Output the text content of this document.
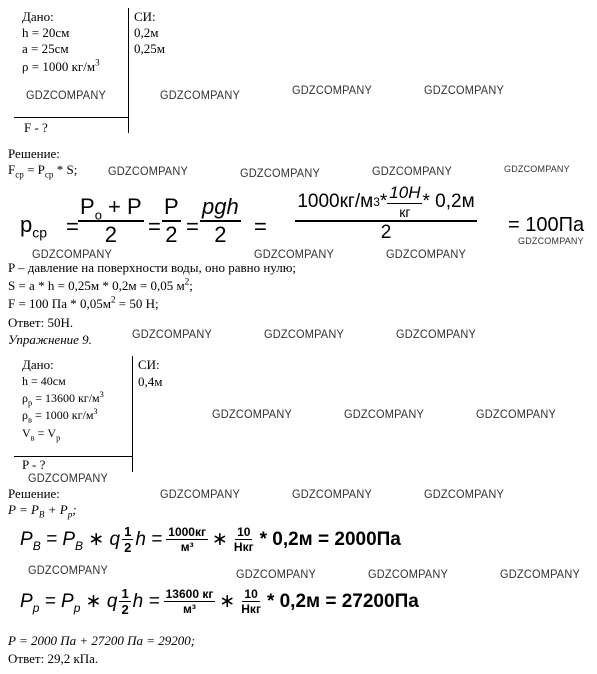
Дано:
h = 20см
a = 25см
ρ = 1000 $кг/м^3$
СИ:
0,2м
0,25м
F - ?
Решение:
$F_{ср} = P_{ср} * S$;
$p_{ср} = \frac{P_о + P}{2} = \frac{P}{2} = \frac{\text{pgh}}{2} = \frac{1000кг/м 3 * \frac{10Н}{кг} * 0,2м}{2} = 100Па$
P – давление на поверхности воды, оно равно нулю;
S = a * h = 0,25м * 0,2м = 0,05 $м^2$;
F = 100 Па * $0,05м^2 = 50$ Н;
Ответ: 50Н.
Упражнение 9.
Дано:
h = 40см
$\rho_р = 13600$ $кг/м^3$
$\rho_в = 1000$ $кг/м^3$
$V_в = V_р$
СИ:
0,4м
P - ?
Решение:
$P = P_В + P_р$;
$P_B = P_B$ ∗ q $\frac{1}{2}$ $h = \frac{1000кг}{\text{м³}}$ ∗ $\frac{10}{\text{Нкг}} * 0,2м = 2000Па$
$P_p = P_p$ ∗ q $\frac{1}{2}$ $h = \frac{13600 кг}{\text{м³}}$ ∗ $\frac{10}{\text{Нкг}} * 0,2м = 27200Па$
P = 2000 Па + 27200 Па = 29200;
Ответ: 29,2 кПа.
GDZCOMPANY	GDZCOMPANY	GDZCOMPANY	GDZCOMPANY
GDZCOMPANY	GDZCOMPANY	GDZCOMPANY	GDZCOMPANY
GDZCOMPANY	GDZCOMPANY	GDZCOMPANY
GDZCOMPANY
GDZCOMPANY	GDZCOMPANY	GDZCOMPANY
GDZCOMPANY	GDZCOMPANY	GDZCOMPANY
GDZCOMPANY
GDZCOMPANY	GDZCOMPANY	GDZCOMPANY
GDZCOMPANY	GDZCOMPANY	GDZCOMPANY	GDZCOMPANY
